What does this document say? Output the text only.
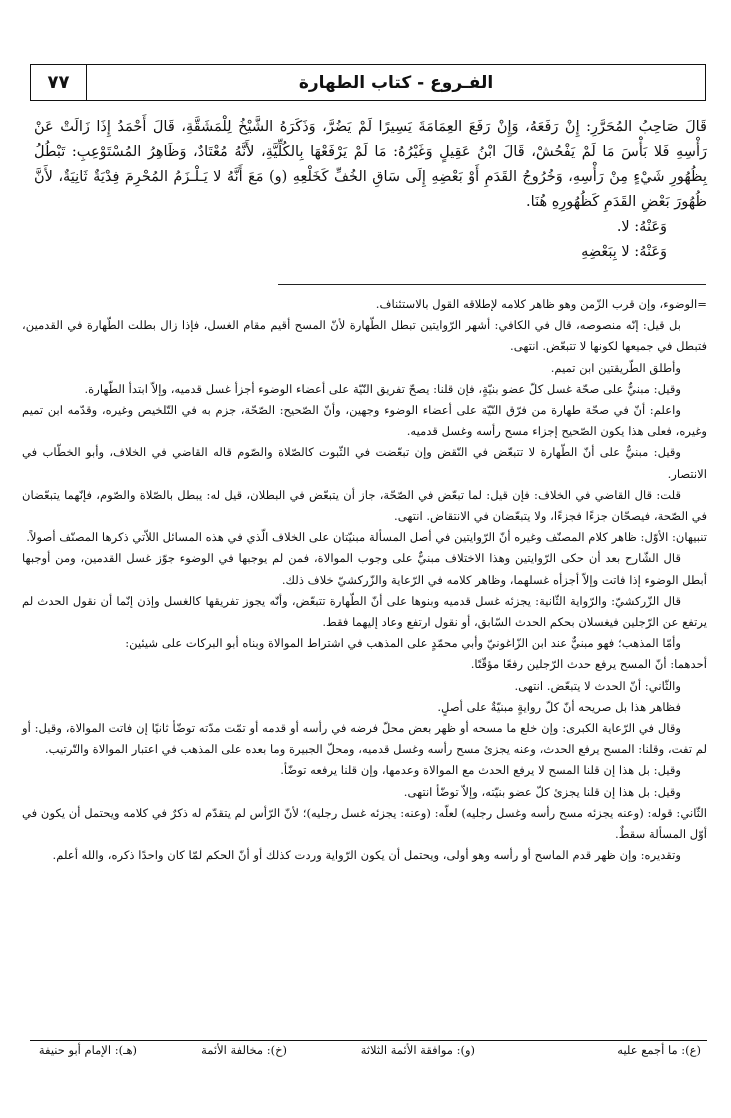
الفـروع - كتاب الطهارة
٧٧

قَالَ صَاحِبُ المُحَرَّرِ: إِنْ رَفَعَهُ، وَإِنْ رَفَعَ العِمَامَةَ يَسِيرًا لَمْ يَضُرَّ، وَذَكَرَهُ الشَّيْخُ لِلْمَشَقَّةِ، قَالَ أَحْمَدُ إِذَا زَالَتْ عَنْ رَأْسِهِ فَلا بَأْسَ مَا لَمْ يَفْحُشْ، قَالَ ابْنُ عَقِيلٍ وَغَيْرُهُ: مَا لَمْ يَرْفَعْهَا بِالكُلِّيَّةِ، لأَنَّهُ مُعْتَادٌ، وَظَاهِرُ المُسْتَوْعِبِ: تَبْطُلُ بِظُهُورِ شَيْءٍ مِنْ رَأْسِهِ، وَخُرُوجُ القَدَمِ أَوْ بَعْضِهِ إِلَى سَاقِ الخُفِّ كَخَلْعِهِ (و) مَعَ أَنَّهُ لا يَـلْـزَمُ المُحْرِمَ فِدْيَةٌ ثَانِيَةٌ، لأَنَّ ظُهُورَ بَعْضِ القَدَمِ كَظُهُورِهِ هُنَا.

وَعَنْهُ: لا.

وَعَنْهُ: لا بِبَعْضِهِ

=الوضوء، وإن قرب الزّمن وهو ظاهر كلامه لإطلاقه القول بالاستئناف.

بل قيل: إنّه منصوصه، قال في الكافي: أشهر الرّوايتين تبطل الطّهارة لأنّ المسح أقيم مقام الغسل، فإذا زال بطلت الطّهارة في القدمين، فتبطل في جميعها لكونها لا تتبعّض. انتهى.

وأطلق الطّريقتين ابن تميم.

وقيل: مبنيٌّ على صحّة غسل كلّ عضو بنيّةٍ، فإن قلنا: يصحّ تفريق النّيّة على أعضاء الوضوء أجزأ غسل قدميه، وإلاّ ابتدأ الطّهارة.

واعلم: أنّ في صحّة طهارة من فرّق النّيّة على أعضاء الوضوء وجهين، وأنّ الصّحيح: الصّحّة، جزم به في التّلخيص وغيره، وقدّمه ابن تميم وغيره، فعلى هذا يكون الصّحيح إجزاء مسح رأسه وغسل قدميه.

وقيل: مبنيٌّ على أنّ الطّهارة لا تتبعّض في النّقض وإن تبعّضت في الثّبوت كالصّلاة والصّوم قاله القاضي في الخلاف، وأبو الخطّاب في الانتصار.

قلت: قال القاضي في الخلاف: فإن قيل: لما تبعّض في الصّحّة، جاز أن يتبعّض في البطلان، قيل له: يبطل بالصّلاة والصّوم، فإنّهما يتبعّضان في الصّحة، فيصحّان جزءًا فجزءًا، ولا يتبعّضان في الانتقاض. انتهى.

تنبيهان: الأوّل: ظاهر كلام المصنّف وغيره أنّ الرّوايتين في أصل المسألة مبنيّتان على الخلاف الّذي في هذه المسائل اللاّتي ذكرها المصنّف أصولاً.

قال الشّارح بعد أن حكى الرّوايتين وهذا الاختلاف مبنيٌّ على وجوب الموالاة، فمن لم يوجبها في الوضوء جوّز غسل القدمين، ومن أوجبها أبطل الوضوء إذا فاتت وإلاّ أجزأه غسلهما، وظاهر كلامه في الرّعاية والزّركشيّ خلاف ذلك.

قال الزّركشيّ: والرّواية الثّانية: يجزئه غسل قدميه وبنوها على أنّ الطّهارة تتبعّض، وأنّه يجوز تفريقها كالغسل وإذن إنّما أن نقول الحدث لم يرتفع عن الرّجلين فيغسلان بحكم الحدث السّابق، أو نقول ارتفع وعاد إليهما فقط.

وأمّا المذهب؛ فهو مبنيٌّ عند ابن الزّاغونيّ وأبي محمّدٍ على المذهب في اشتراط الموالاة وبناه أبو البركات على شيئين:

أحدهما: أنّ المسح يرفع حدث الرّجلين رفعًا مؤقّتًا.

والثّاني: أنّ الحدث لا يتبعّض. انتهى.

فظاهر هذا بل صريحه أنّ كلّ روايةٍ مبنيّةٌ على أصلٍ.

وقال في الرّعاية الكبرى: وإن خلع ما مسحه أو ظهر بعض محلّ فرضه في رأسه أو قدمه أو تمّت مدّته توضّأ ثانيًا إن فاتت الموالاة، وقيل: أو لم تفت، وقلنا: المسح يرفع الحدث، وعنه يجزئ مسح رأسه وغسل قدميه، ومحلّ الجبيرة وما بعده على المذهب في اعتبار الموالاة والتّرتيب.

وقيل: بل هذا إن قلنا المسح لا يرفع الحدث مع الموالاة وعدمها، وإن قلنا يرفعه توضّأ.

وقيل: بل هذا إن قلنا يجزئ كلّ عضو بنيّته، وإلاّ توضّأ انتهى.

الثّاني: قوله: (وعنه يجزئه مسح رأسه وغسل رجليه) لعلّه: (وعنه: يجزئه غسل رجليه)؛ لأنّ الرّأس لم يتقدّم له ذكرٌ في كلامه ويحتمل أن يكون في أوّل المسألة سقطٌ.

وتقديره: وإن ظهر قدم الماسح أو رأسه وهو أولى، ويحتمل أن يكون الرّواية وردت كذلك أو أنّ الحكم لمّا كان واحدًا ذكره، والله أعلم.

(ع): ما أجمع عليه
(و): موافقة الأئمة الثلاثة
(خ): مخالفة الأئمة
(هـ): الإمام أبو حنيفة
